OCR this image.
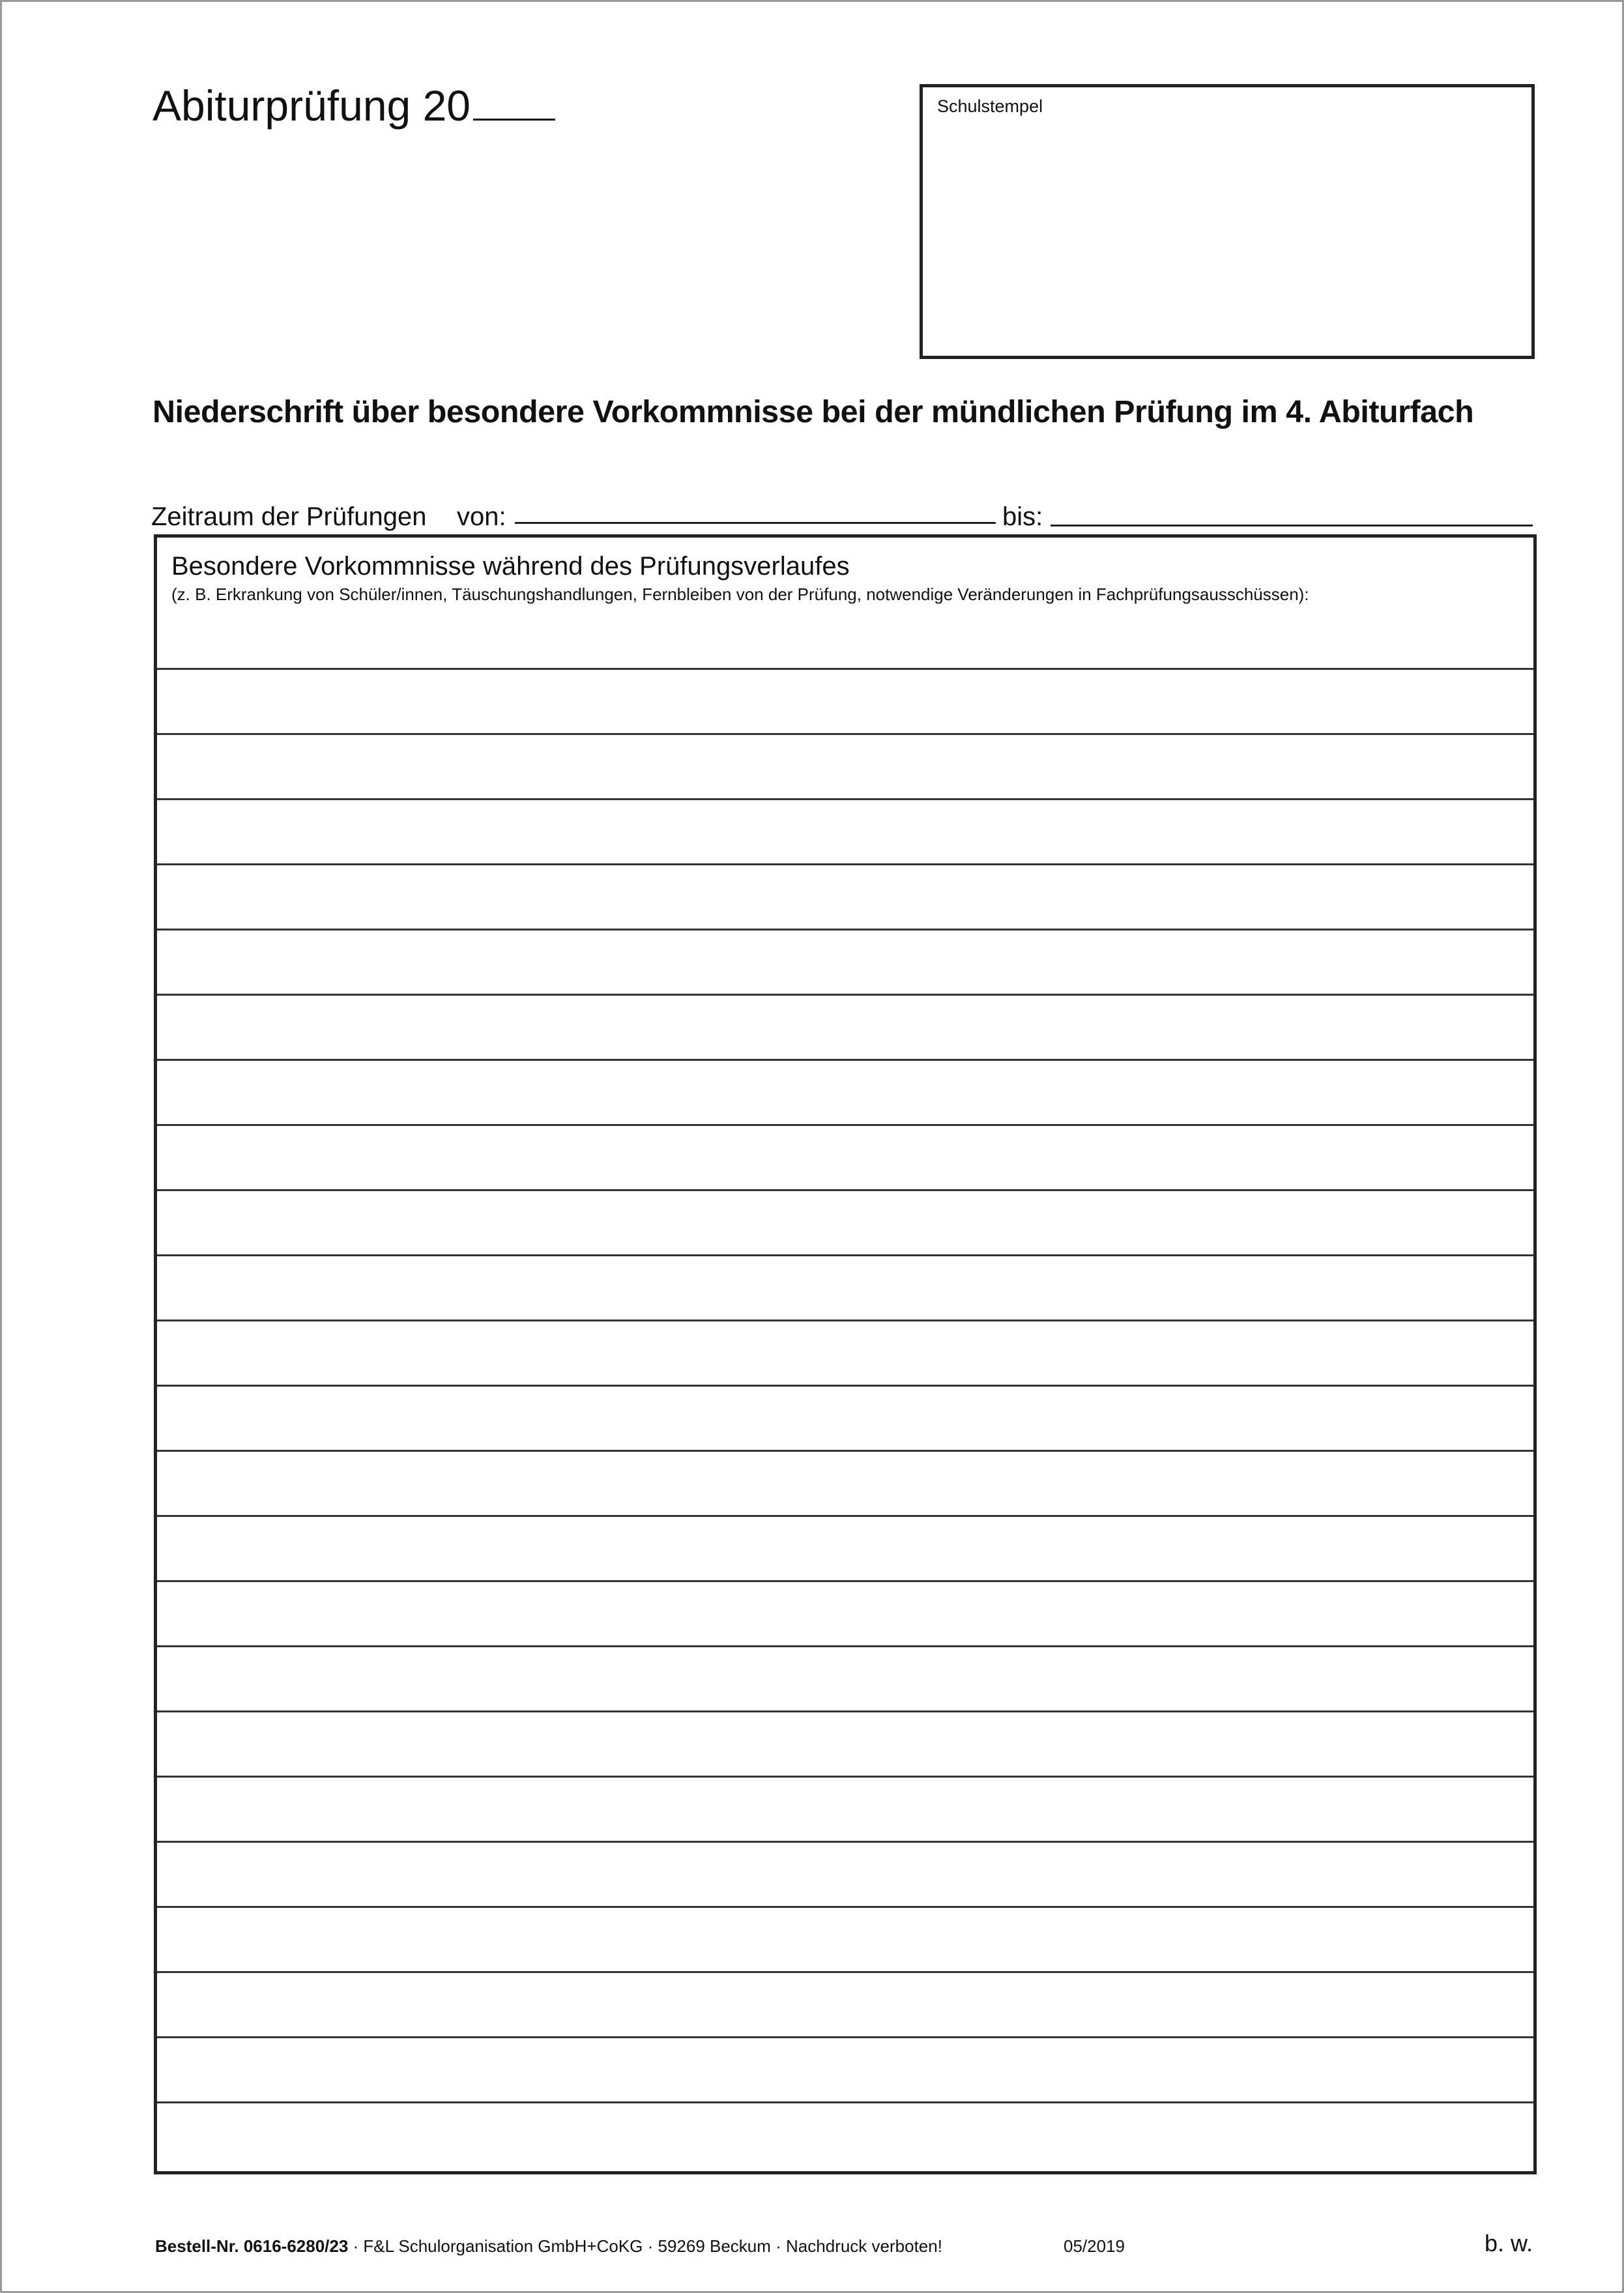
Abiturprüfung 20	Schulstempel
Niederschrift über besondere Vorkommnisse bei der mündlichen Prüfung im 4. Abiturfach
Zeitraum der Prüfungen von:	bis:
Besondere Vorkommnisse während des Prüfungsverlaufes
(z. B. Erkrankung von Schüler/innen, Täuschungshandlungen, Fernbleiben von der Prüfung, notwendige Veränderungen in Fachprüfungsausschüssen):
Bestell-Nr. 0616-6280/23 · F&L Schulorganisation GmbH+CoKG · 59269 Beckum · Nachdruck verboten!	05/2019	b. w.
